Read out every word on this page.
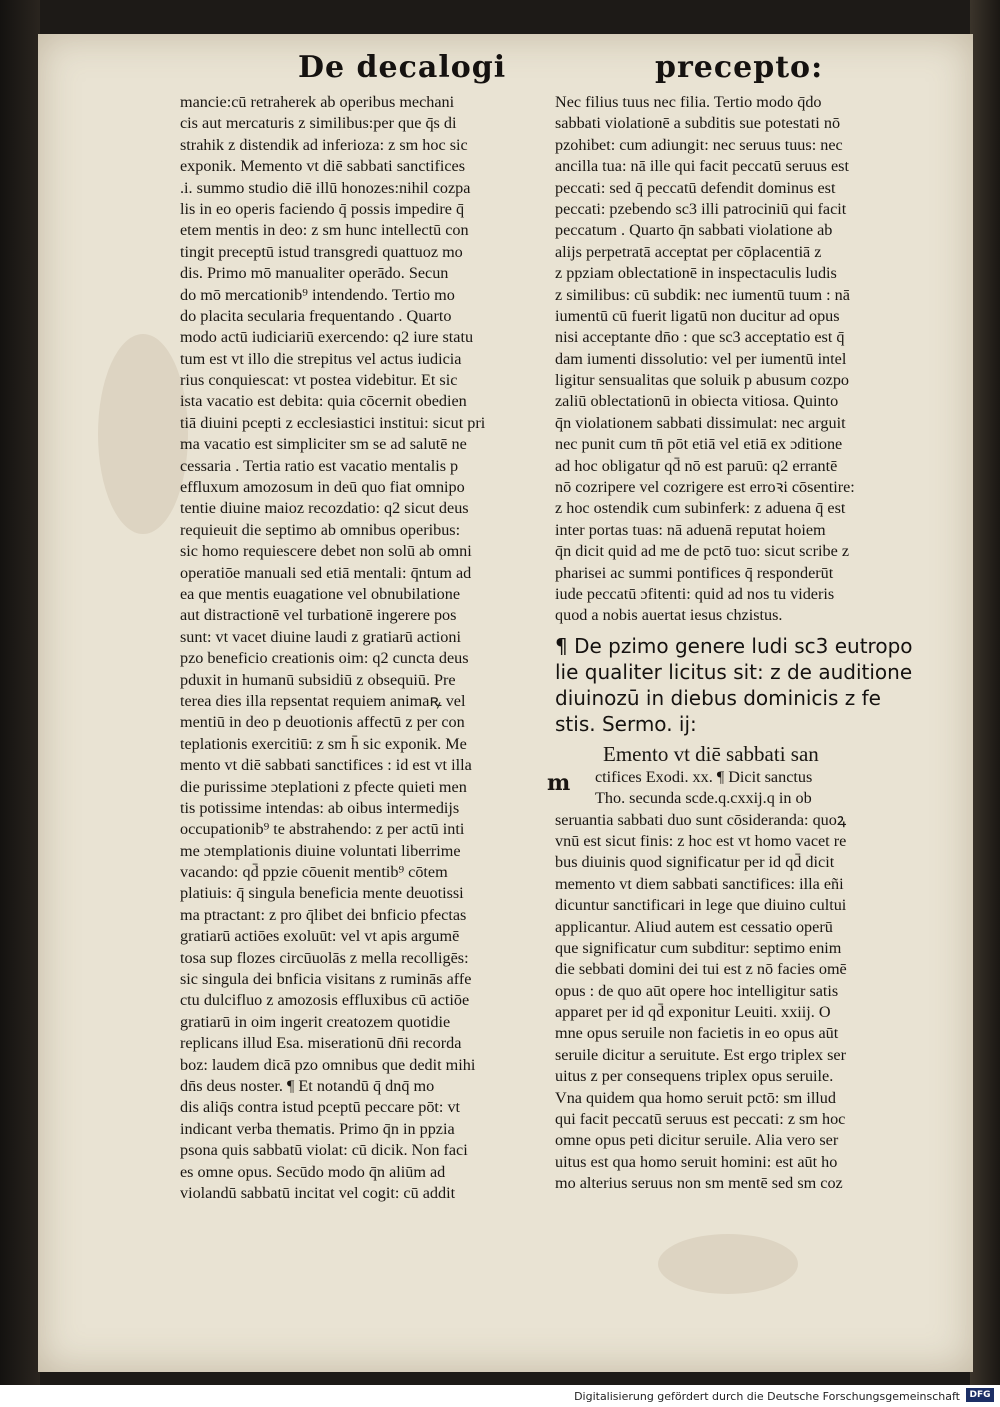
De decalogi	precepto:
mancie:cū retraherek ab operibus mechani
cis aut mercaturis z similibus:per que q̄s di
strahik z distendik ad inferioza: z sm hoc sic
exponik. Memento vt diē sabbati sanctifices
.i. summo studio diē illū honozes:nihil cozpa
lis in eo operis faciendo q̄ possis impedire q̄
etem mentis in deo: z sm hunc intellectū con
tingit preceptū istud transgredi quattuoz mo
dis. Primo mō manualiter operādo. Secun
do mō mercationib⁹ intendendo. Tertio mo
do placita secularia frequentando . Quarto
modo actū iudiciariū exercendo: q2 iure statu
tum est vt illo die strepitus vel actus iudicia
rius conquiescat: vt postea videbitur. Et sic
ista vacatio est debita: quia cōcernit obedien
tiā diuini pcepti z ecclesiastici institui: sicut pri
ma vacatio est simpliciter sm se ad salutē ne
cessaria . Tertia ratio est vacatio mentalis p
effluxum amozosum in deū quo fiat omnipo
tentie diuine maioz recozdatio: q2 sicut deus
requieuit die septimo ab omnibus operibus:
sic homo requiescere debet non solū ab omni
operatiōe manuali sed etiā mentali: q̄ntum ad
ea que mentis euagatione vel obnubilatione
aut distractionē vel turbationē ingerere pos
sunt: vt vacet diuine laudi z gratiarū actioni
pzo beneficio creationis oim: q2 cuncta deus
pduxit in humanū subsidiū z obsequiū. Pre
terea dies illa repsentat requiem animaꝶ vel
mentiū in deo p deuotionis affectū z per con
teplationis exercitiū: z sm h̄ sic exponik. Me
mento vt diē sabbati sanctifices : id est vt illa
die purissime ɔteplationi z pfecte quieti men
tis potissime intendas: ab oibus intermedijs
occupationib⁹ te abstrahendo: z per actū inti
me ɔtemplationis diuine voluntati liberrime
vacando: qd̄ ppzie cōuenit mentib⁹ cōtem
platiuis: q̄ singula beneficia mente deuotissi
ma ptractant: z pro q̄libet dei bnficio pfectas
gratiarū actiōes exoluūt: vel vt apis argumē
tosa sup flozes circūuolās z mella recolligēs:
sic singula dei bnficia visitans z ruminās affe
ctu dulcifluo z amozosis effluxibus cū actiōe
gratiarū in oim ingerit creatozem quotidie
replicans illud Esa. miserationū dn̄i recorda
boz: laudem dicā pzo omnibus que dedit mihi
dn̄s deus noster. ¶ Et notandū q̄ dnq̄ mo
dis aliq̄s contra istud pceptū peccare pōt: vt
indicant verba thematis. Primo q̄n in ppzia
psona quis sabbatū violat: cū dicik. Non faci
es omne opus. Secūdo modo q̄n aliūm ad
violandū sabbatū incitat vel cogit: cū addit
Nec filius tuus nec filia. Tertio modo q̄do
sabbati violationē a subditis sue potestati nō
pzohibet: cum adiungit: nec seruus tuus: nec
ancilla tua: nā ille qui facit peccatū seruus est
peccati: sed q̄ peccatū defendit dominus est
peccati: pzebendo sc3 illi patrociniū qui facit
peccatum . Quarto q̄n sabbati violatione ab
alijs perpetratā acceptat per cōplacentiā z
z ppziam oblectationē in inspectaculis ludis
z similibus: cū subdik: nec iumentū tuum : nā
iumentū cū fuerit ligatū non ducitur ad opus
nisi acceptante dn̄o : que sc3 acceptatio est q̄
dam iumenti dissolutio: vel per iumentū intel
ligitur sensualitas que soluik p abusum cozpo
zaliū oblectationū in obiecta vitiosa. Quinto
q̄n violationem sabbati dissimulat: nec arguit
nec punit cum tn̄ pōt etiā vel etiā ex ɔditione
ad hoc obligatur qd̄ nō est paruū: q2 errantē
nō cozripere vel cozrigere est erroꝛi cōsentire:
z hoc ostendik cum subinferk: z aduena q̄ est
inter portas tuas: nā aduenā reputat hoiem
q̄n dicit quid ad me de pctō tuo: sicut scribe z
pharisei ac summi pontifices q̄ responderūt
iude peccatū ɔfitenti: quid ad nos tu videris
quod a nobis auertat iesus chzistus.
¶ De pzimo genere ludi sc3 eutropo
lie qualiter licitus sit: z de auditione
diuinozū in diebus dominicis z fe
stis. Sermo. ij:
m
Emento vt diē sabbati san
ctifices Exodi. xx. ¶ Dicit sanctus
Tho. secunda scde.q.cxxij.q in ob
seruantia sabbati duo sunt cōsideranda: quoꝝ
vnū est sicut finis: z hoc est vt homo vacet re
bus diuinis quod significatur per id qd̄ dicit
memento vt diem sabbati sanctifices: illa eñi
dicuntur sanctificari in lege que diuino cultui
applicantur. Aliud autem est cessatio operū
que significatur cum subditur: septimo enim
die sebbati domini dei tui est z nō facies omē
opus : de quo aūt opere hoc intelligitur satis
apparet per id qd̄ exponitur Leuiti. xxiij. O
mne opus seruile non facietis in eo opus aūt
seruile dicitur a seruitute. Est ergo triplex ser
uitus z per consequens triplex opus seruile.
Vna quidem qua homo seruit pctō: sm illud
qui facit peccatū seruus est peccati: z sm hoc
omne opus peti dicitur seruile. Alia vero ser
uitus est qua homo seruit homini: est aūt ho
mo alterius seruus non sm mentē sed sm coz
Digitalisierung gefördert durch die Deutsche Forschungsgemeinschaft	DFG
